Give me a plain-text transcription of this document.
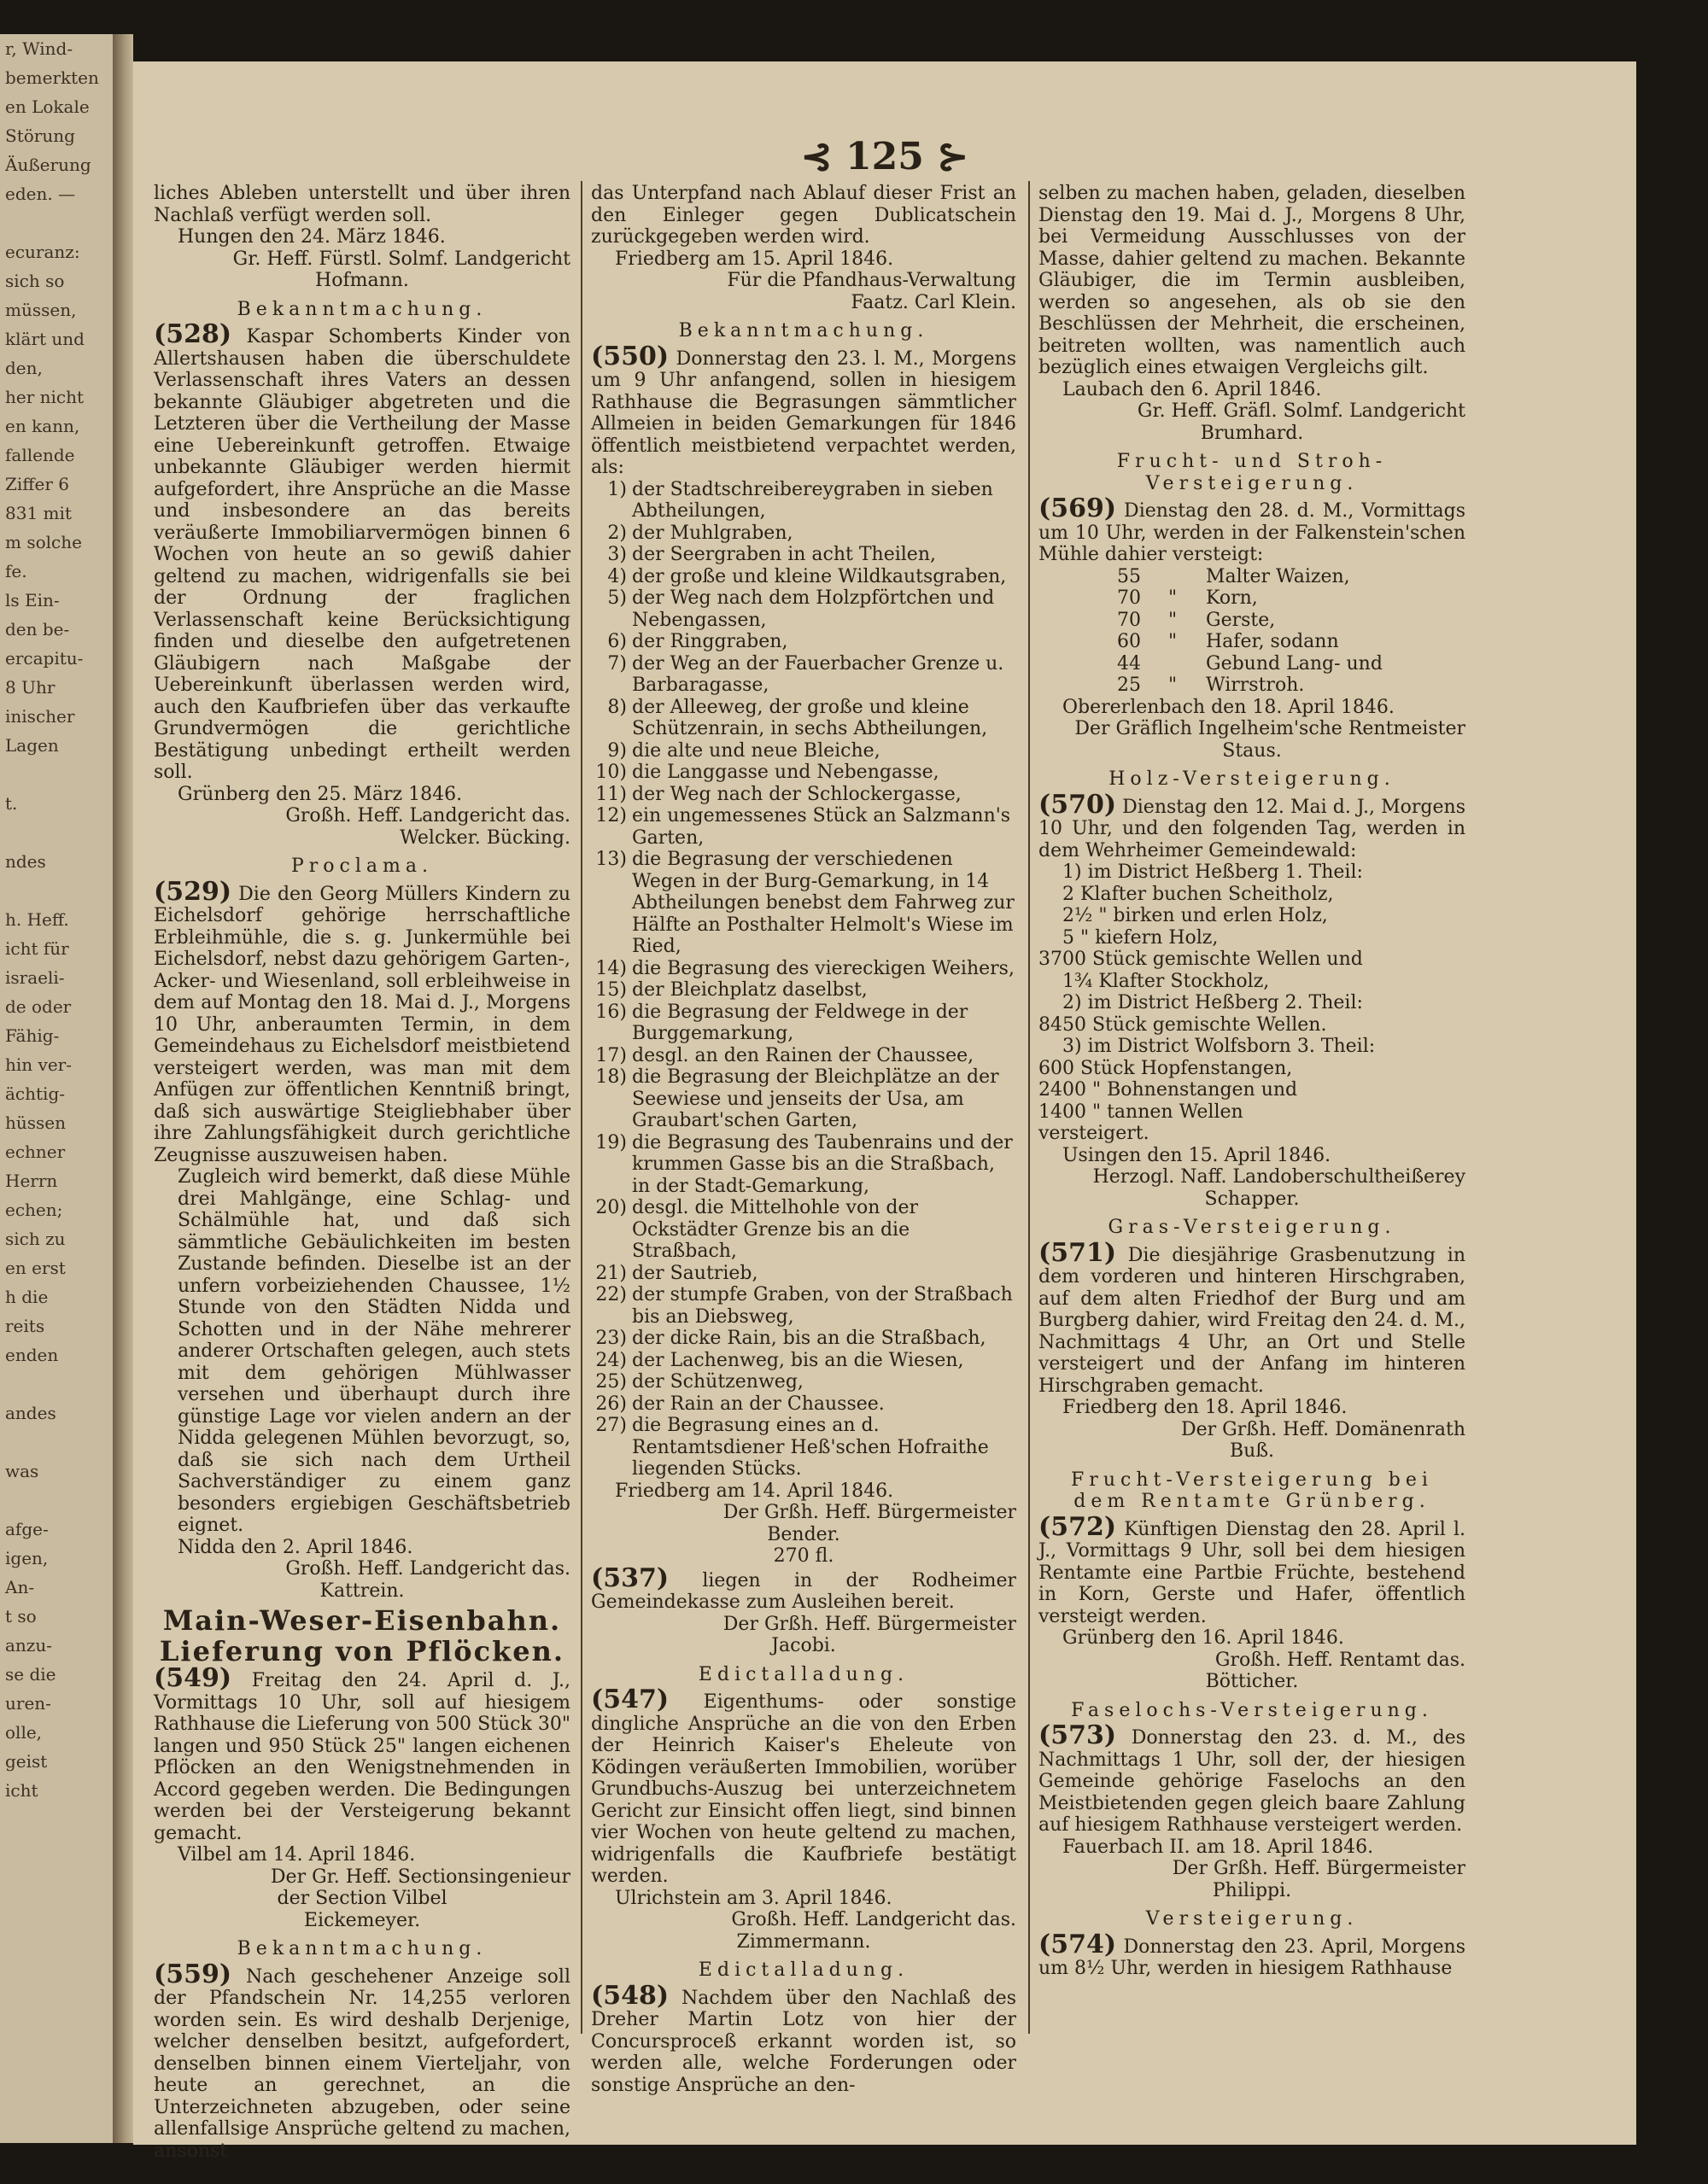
r, Wind-
bemerkten
en Lokale
Störung
Äußerung
eden. —

ecuranz:
sich so
müssen,
klärt und
den,
her nicht
en kann,
fallende
Ziffer 6
831 mit
m solche
fe.
ls Ein-
den be-
ercapitu-
8 Uhr
inischer
Lagen

t.

ndes

h. Heff.
icht für
israeli-
de oder
Fähig-
hin ver-
ächtig-
hüssen
echner
Herrn
echen;
sich zu
en erst
h die
reits
enden

andes

was

afge-
igen,
An-
t so
anzu-
se die
uren-
olle,
geist
icht
⊰ 125 ⊱

liches Ableben unterstellt und über ihren Nachlaß verfügt werden soll.

Hungen den 24. März 1846.

Gr. Heff. Fürstl. Solmf. Landgericht

Hofmann.

Bekanntmachung.

(528) Kaspar Schomberts Kinder von Allertshausen haben die überschuldete Verlassenschaft ihres Vaters an dessen bekannte Gläubiger abgetreten und die Letzteren über die Vertheilung der Masse eine Uebereinkunft getroffen. Etwaige unbekannte Gläubiger werden hiermit aufgefordert, ihre Ansprüche an die Masse und insbesondere an das bereits veräußerte Immobiliarvermögen binnen 6 Wochen von heute an so gewiß dahier geltend zu machen, widrigenfalls sie bei der Ordnung der fraglichen Verlassenschaft keine Berücksichtigung finden und dieselbe den aufgetretenen Gläubigern nach Maßgabe der Uebereinkunft überlassen werden wird, auch den Kaufbriefen über das verkaufte Grundvermögen die gerichtliche Bestätigung unbedingt ertheilt werden soll.

Grünberg den 25. März 1846.

Großh. Heff. Landgericht das.

Welcker. Bücking.

Proclama.

(529) Die den Georg Müllers Kindern zu Eichelsdorf gehörige herrschaftliche Erbleihmühle, die s. g. Junkermühle bei Eichelsdorf, nebst dazu gehörigem Garten-, Acker- und Wiesenland, soll erbleihweise in dem auf Montag den 18. Mai d. J., Morgens 10 Uhr, anberaumten Termin, in dem Gemeindehaus zu Eichelsdorf meistbietend versteigert werden, was man mit dem Anfügen zur öffentlichen Kenntniß bringt, daß sich auswärtige Steigliebhaber über ihre Zahlungsfähigkeit durch gerichtliche Zeugnisse auszuweisen haben.

Zugleich wird bemerkt, daß diese Mühle drei Mahlgänge, eine Schlag- und Schälmühle hat, und daß sich sämmtliche Gebäulichkeiten im besten Zustande befinden. Dieselbe ist an der unfern vorbeiziehenden Chaussee, 1½ Stunde von den Städten Nidda und Schotten und in der Nähe mehrerer anderer Ortschaften gelegen, auch stets mit dem gehörigen Mühlwasser versehen und überhaupt durch ihre günstige Lage vor vielen andern an der Nidda gelegenen Mühlen bevorzugt, so, daß sie sich nach dem Urtheil Sachverständiger zu einem ganz besonders ergiebigen Geschäftsbetrieb eignet.

Nidda den 2. April 1846.

Großh. Heff. Landgericht das.

Kattrein.

Main-Weser-Eisenbahn.
Lieferung von Pflöcken.

(549) Freitag den 24. April d. J., Vormittags 10 Uhr, soll auf hiesigem Rathhause die Lieferung von 500 Stück 30" langen und 950 Stück 25" langen eichenen Pflöcken an den Wenigstnehmenden in Accord gegeben werden. Die Bedingungen werden bei der Versteigerung bekannt gemacht.

Vilbel am 14. April 1846.

Der Gr. Heff. Sectionsingenieur

der Section Vilbel

Eickemeyer.

Bekanntmachung.

(559) Nach geschehener Anzeige soll der Pfandschein Nr. 14,255 verloren worden sein. Es wird deshalb Derjenige, welcher denselben besitzt, aufgefordert, denselben binnen einem Vierteljahr, von heute an gerechnet, an die Unterzeichneten abzugeben, oder seine allenfallsige Ansprüche geltend zu machen, ansonst

das Unterpfand nach Ablauf dieser Frist an den Einleger gegen Dublicatschein zurückgegeben werden wird.

Friedberg am 15. April 1846.

Für die Pfandhaus-Verwaltung

Faatz. Carl Klein.

Bekanntmachung.

(550) Donnerstag den 23. l. M., Morgens um 9 Uhr anfangend, sollen in hiesigem Rathhause die Begrasungen sämmtlicher Allmeien in beiden Gemarkungen für 1846 öffentlich meistbietend verpachtet werden, als:

1) der Stadtschreibereygraben in sieben Abtheilungen,
2) der Muhlgraben,
3) der Seergraben in acht Theilen,
4) der große und kleine Wildkautsgraben,
5) der Weg nach dem Holzpförtchen und Nebengassen,
6) der Ringgraben,
7) der Weg an der Fauerbacher Grenze u. Barbaragasse,
8) der Alleeweg, der große und kleine Schützenrain, in sechs Abtheilungen,
9) die alte und neue Bleiche,
10) die Langgasse und Nebengasse,
11) der Weg nach der Schlockergasse,
12) ein ungemessenes Stück an Salzmann's Garten,
13) die Begrasung der verschiedenen Wegen in der Burg-Gemarkung, in 14 Abtheilungen benebst dem Fahrweg zur Hälfte an Posthalter Helmolt's Wiese im Ried,
14) die Begrasung des viereckigen Weihers,
15) der Bleichplatz daselbst,
16) die Begrasung der Feldwege in der Burggemarkung,
17) desgl. an den Rainen der Chaussee,
18) die Begrasung der Bleichplätze an der Seewiese und jenseits der Usa, am Graubart'schen Garten,
19) die Begrasung des Taubenrains und der krummen Gasse bis an die Straßbach, in der Stadt-Gemarkung,
20) desgl. die Mittelhohle von der Ockstädter Grenze bis an die Straßbach,
21) der Sautrieb,
22) der stumpfe Graben, von der Straßbach bis an Diebsweg,
23) der dicke Rain, bis an die Straßbach,
24) der Lachenweg, bis an die Wiesen,
25) der Schützenweg,
26) der Rain an der Chaussee.
27) die Begrasung eines an d. Rentamtsdiener Heß'schen Hofraithe liegenden Stücks.

Friedberg am 14. April 1846.

Der Grßh. Heff. Bürgermeister

Bender.

270 fl.

(537) liegen in der Rodheimer Gemeindekasse zum Ausleihen bereit.

Der Grßh. Heff. Bürgermeister

Jacobi.

Edictalladung.

(547) Eigenthums- oder sonstige dingliche Ansprüche an die von den Erben der Heinrich Kaiser's Eheleute von Ködingen veräußerten Immobilien, worüber Grundbuchs-Auszug bei unterzeichnetem Gericht zur Einsicht offen liegt, sind binnen vier Wochen von heute geltend zu machen, widrigenfalls die Kaufbriefe bestätigt werden.

Ulrichstein am 3. April 1846.

Großh. Heff. Landgericht das.

Zimmermann.

Edictalladung.

(548) Nachdem über den Nachlaß des Dreher Martin Lotz von hier der Concursproceß erkannt worden ist, so werden alle, welche Forderungen oder sonstige Ansprüche an den-

selben zu machen haben, geladen, dieselben Dienstag den 19. Mai d. J., Morgens 8 Uhr, bei Vermeidung Ausschlusses von der Masse, dahier geltend zu machen. Bekannte Gläubiger, die im Termin ausbleiben, werden so angesehen, als ob sie den Beschlüssen der Mehrheit, die erscheinen, beitreten wollten, was namentlich auch bezüglich eines etwaigen Vergleichs gilt.

Laubach den 6. April 1846.

Gr. Heff. Gräfl. Solmf. Landgericht

Brumhard.

Frucht- und Stroh-Versteigerung.

(569) Dienstag den 28. d. M., Vormittags um 10 Uhr, werden in der Falkenstein'schen Mühle dahier versteigt:

55	Malter Waizen,
70	"	Korn,
70	"	Gerste,
60	"	Hafer, sodann
44	Gebund Lang- und
25	"	Wirrstroh.

Obererlenbach den 18. April 1846.

Der Gräflich Ingelheim'sche Rentmeister

Staus.

Holz-Versteigerung.

(570) Dienstag den 12. Mai d. J., Morgens 10 Uhr, und den folgenden Tag, werden in dem Wehrheimer Gemeindewald:

1) im District Heßberg 1. Theil:

2 Klafter buchen Scheitholz,

2½ " birken und erlen Holz,

5 " kiefern Holz,

3700 Stück gemischte Wellen und

1¾ Klafter Stockholz,

2) im District Heßberg 2. Theil:

8450 Stück gemischte Wellen.

3) im District Wolfsborn 3. Theil:

600 Stück Hopfenstangen,

2400 " Bohnenstangen und

1400 " tannen Wellen

versteigert.

Usingen den 15. April 1846.

Herzogl. Naff. Landoberschultheißerey

Schapper.

Gras-Versteigerung.

(571) Die diesjährige Grasbenutzung in dem vorderen und hinteren Hirschgraben, auf dem alten Friedhof der Burg und am Burgberg dahier, wird Freitag den 24. d. M., Nachmittags 4 Uhr, an Ort und Stelle versteigert und der Anfang im hinteren Hirschgraben gemacht.

Friedberg den 18. April 1846.

Der Grßh. Heff. Domänenrath

Buß.

Frucht-Versteigerung bei dem Rentamte Grünberg.

(572) Künftigen Dienstag den 28. April l. J., Vormittags 9 Uhr, soll bei dem hiesigen Rentamte eine Partbie Früchte, bestehend in Korn, Gerste und Hafer, öffentlich versteigt werden.

Grünberg den 16. April 1846.

Großh. Heff. Rentamt das.

Bötticher.

Faselochs-Versteigerung.

(573) Donnerstag den 23. d. M., des Nachmittags 1 Uhr, soll der, der hiesigen Gemeinde gehörige Faselochs an den Meistbietenden gegen gleich baare Zahlung auf hiesigem Rathhause versteigert werden.

Fauerbach II. am 18. April 1846.

Der Grßh. Heff. Bürgermeister

Philippi.

Versteigerung.

(574) Donnerstag den 23. April, Morgens um 8½ Uhr, werden in hiesigem Rathhause
